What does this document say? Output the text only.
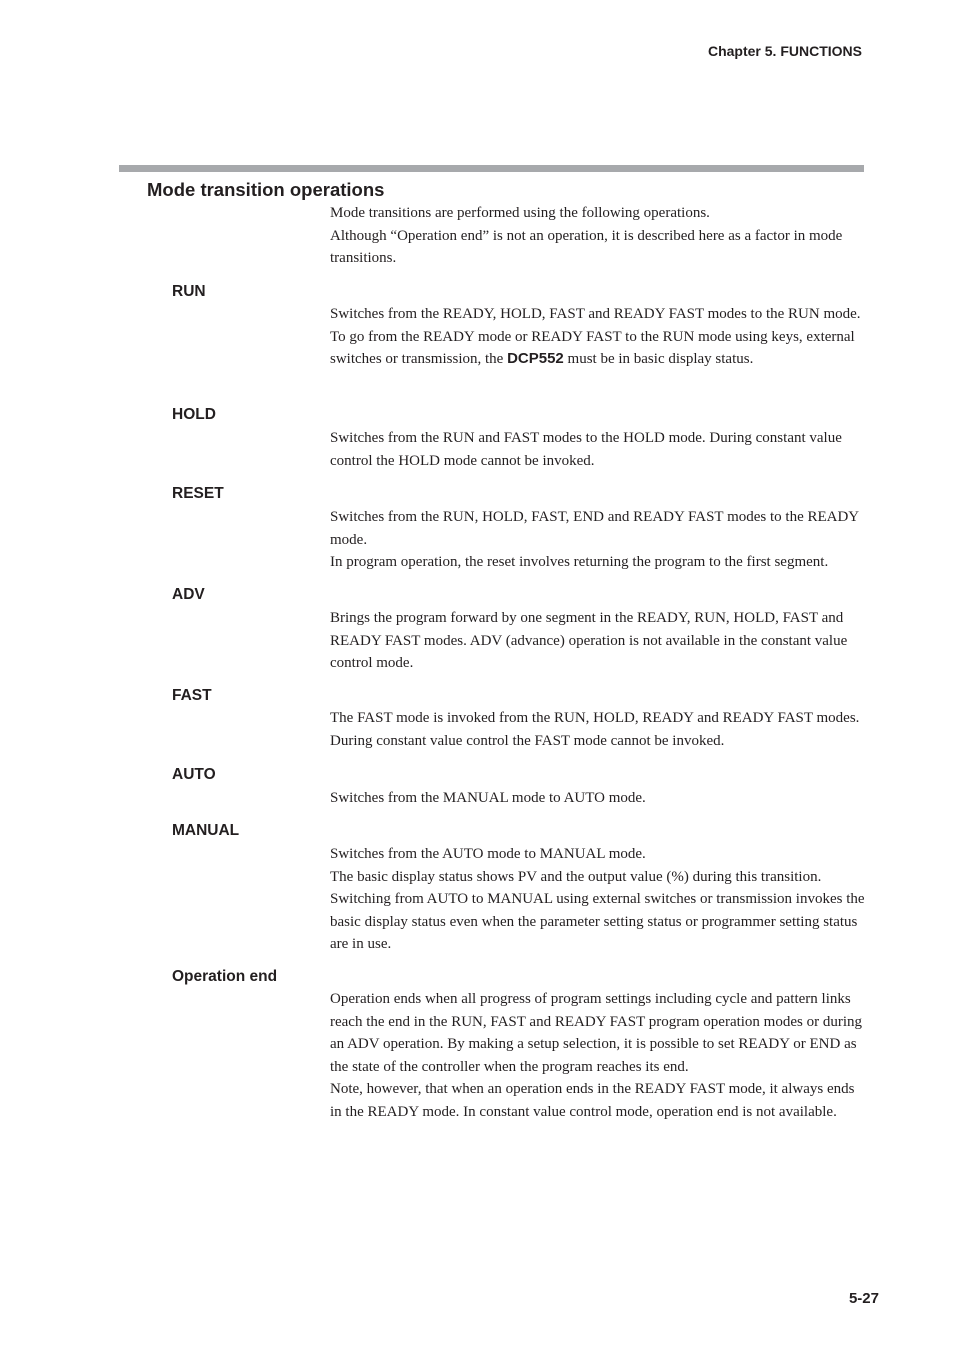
Chapter 5. FUNCTIONS
Mode transition operations

Mode transitions are performed using the following operations.

Although “Operation end” is not an operation, it is described here as a factor in mode transitions.

RUN

Switches from the READY, HOLD, FAST and READY FAST modes to the RUN mode. To go from the READY mode or READY FAST to the RUN mode using keys, external switches or transmission, the DCP552 must be in basic display status.

HOLD

Switches from the RUN and FAST modes to the HOLD mode. During constant value control the HOLD mode cannot be invoked.

RESET

Switches from the RUN, HOLD, FAST, END and READY FAST modes to the READY mode.

In program operation, the reset involves returning the program to the first segment.

ADV

Brings the program forward by one segment in the READY, RUN, HOLD, FAST and READY FAST modes. ADV (advance) operation is not available in the constant value control mode.

FAST

The FAST mode is invoked from the RUN, HOLD, READY and READY FAST modes. During constant value control the FAST mode cannot be invoked.

AUTO

Switches from the MANUAL mode to AUTO mode.

MANUAL

Switches from the AUTO mode to MANUAL mode.

The basic display status shows PV and the output value (%) during this transition. Switching from AUTO to MANUAL using external switches or transmission invokes the basic display status even when the parameter setting status or programmer setting status are in use.

Operation end

Operation ends when all progress of program settings including cycle and pattern links reach the end in the RUN, FAST and READY FAST program operation modes or during an ADV operation. By making a setup selection, it is possible to set READY or END as the state of the controller when the program reaches its end.

Note, however, that when an operation ends in the READY FAST mode, it always ends in the READY mode. In constant value control mode, operation end is not available.

5-27
